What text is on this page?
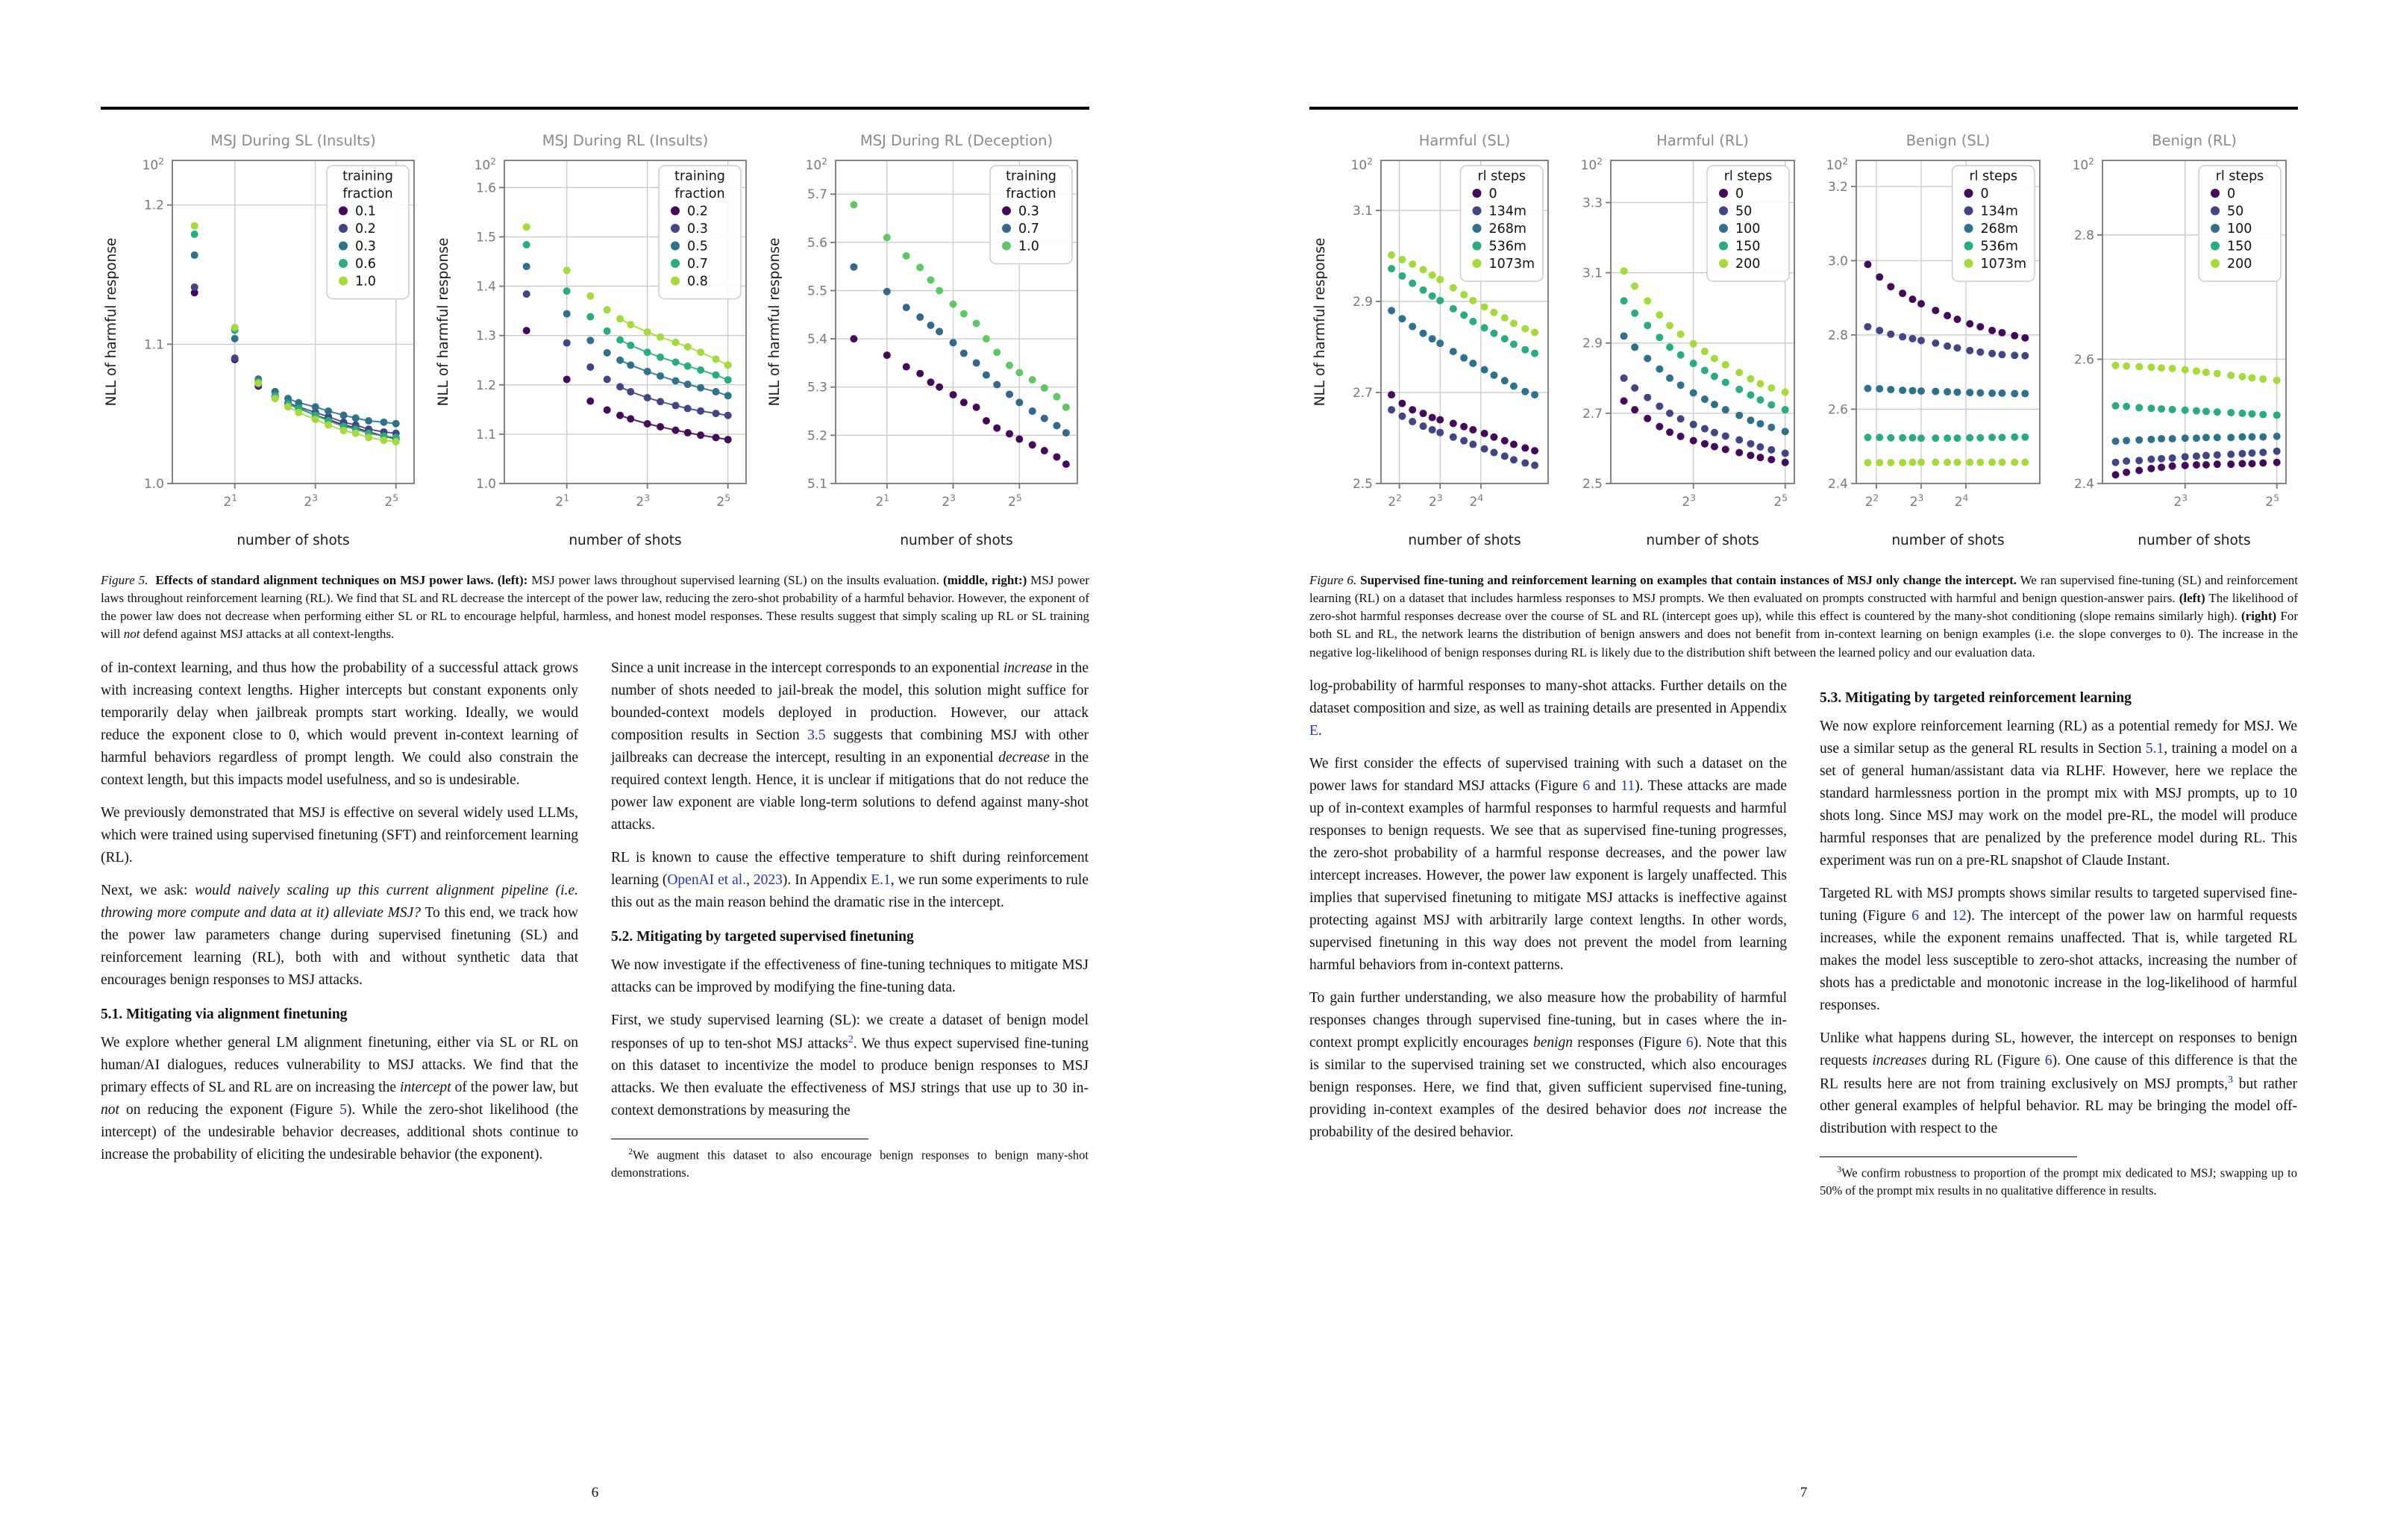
1.2
1.1
1.0
$10^2$
$2^1$	$2^3$	$2^5$
MSJ During SL (Insults)
number of shots
NLL of harmful response
training
fraction
0.1
0.2
0.3
0.6
1.0
1.6
1.5
1.4
1.3
1.2
1.1
1.0
$10^2$
$2^1$	$2^3$	$2^5$
MSJ During RL (Insults)
number of shots
NLL of harmful response
training
fraction
0.2
0.3
0.5
0.7
0.8
5.7
5.6
5.5
5.4
5.3
5.2
5.1
$10^2$
$2^1$	$2^3$	$2^5$
MSJ During RL (Deception)
number of shots
NLL of harmful response
training
fraction
0.3
0.7
1.0

Figure 5. Effects of standard alignment techniques on MSJ power laws. (left): MSJ power laws throughout supervised learning (SL) on the insults evaluation. (middle, right:) MSJ power laws throughout reinforcement learning (RL). We find that SL and RL decrease the intercept of the power law, reducing the zero-shot probability of a harmful behavior. However, the exponent of the power law does not decrease when performing either SL or RL to encourage helpful, harmless, and honest model responses. These results suggest that simply scaling up RL or SL training will not defend against MSJ attacks at all context-lengths.

of in-context learning, and thus how the probability of a successful attack grows with increasing context lengths. Higher intercepts but constant exponents only temporarily delay when jailbreak prompts start working. Ideally, we would reduce the exponent close to 0, which would prevent in-context learning of harmful behaviors regardless of prompt length. We could also constrain the context length, but this impacts model usefulness, and so is undesirable.

We previously demonstrated that MSJ is effective on several widely used LLMs, which were trained using supervised finetuning (SFT) and reinforcement learning (RL).

Next, we ask: would naively scaling up this current alignment pipeline (i.e. throwing more compute and data at it) alleviate MSJ? To this end, we track how the power law parameters change during supervised finetuning (SL) and reinforcement learning (RL), both with and without synthetic data that encourages benign responses to MSJ attacks.

5.1. Mitigating via alignment finetuning

We explore whether general LM alignment finetuning, either via SL or RL on human/AI dialogues, reduces vulnerability to MSJ attacks. We find that the primary effects of SL and RL are on increasing the intercept of the power law, but not on reducing the exponent (Figure 5). While the zero-shot likelihood (the intercept) of the undesirable behavior decreases, additional shots continue to increase the probability of eliciting the undesirable behavior (the exponent).

Since a unit increase in the intercept corresponds to an exponential increase in the number of shots needed to jail-break the model, this solution might suffice for bounded-context models deployed in production. However, our attack composition results in Section 3.5 suggests that combining MSJ with other jailbreaks can decrease the intercept, resulting in an exponential decrease in the required context length. Hence, it is unclear if mitigations that do not reduce the power law exponent are viable long-term solutions to defend against many-shot attacks.

RL is known to cause the effective temperature to shift during reinforcement learning (OpenAI et al., 2023). In Appendix E.1, we run some experiments to rule this out as the main reason behind the dramatic rise in the intercept.

5.2. Mitigating by targeted supervised finetuning

We now investigate if the effectiveness of fine-tuning techniques to mitigate MSJ attacks can be improved by modifying the fine-tuning data.

First, we study supervised learning (SL): we create a dataset of benign model responses of up to ten-shot MSJ attacks$^2$. We thus expect supervised fine-tuning on this dataset to incentivize the model to produce benign responses to MSJ attacks. We then evaluate the effectiveness of MSJ strings that use up to 30 in-context demonstrations by measuring the

$^2$We augment this dataset to also encourage benign responses to benign many-shot demonstrations.

6
3.1
2.9
2.7
2.5
$10^2$
$2^2$ $2^3$ $2^4$
Harmful (SL)
number of shots
NLL of harmful response
rl steps
0
134m
268m
536m
1073m
3.3
3.1
2.9
2.7
2.5
$10^2$
$2^3$	$2^5$
Harmful (RL)
number of shots
rl steps
0
50
100
150
200
3.2
3.0
2.8
2.6
2.4
$10^2$
$2^2$ $2^3$ $2^4$
Benign (SL)
number of shots
rl steps
0
134m
268m
536m
1073m
2.8
2.6
2.4
$10^2$
$2^3$	$2^5$
Benign (RL)
number of shots
rl steps
0
50
100
150
200

Figure 6. Supervised fine-tuning and reinforcement learning on examples that contain instances of MSJ only change the intercept. We ran supervised fine-tuning (SL) and reinforcement learning (RL) on a dataset that includes harmless responses to MSJ prompts. We then evaluated on prompts constructed with harmful and benign question-answer pairs. (left) The likelihood of zero-shot harmful responses decrease over the course of SL and RL (intercept goes up), while this effect is countered by the many-shot conditioning (slope remains similarly high). (right) For both SL and RL, the network learns the distribution of benign answers and does not benefit from in-context learning on benign examples (i.e. the slope converges to 0). The increase in the negative log-likelihood of benign responses during RL is likely due to the distribution shift between the learned policy and our evaluation data.

log-probability of harmful responses to many-shot attacks. Further details on the dataset composition and size, as well as training details are presented in Appendix E.

We first consider the effects of supervised training with such a dataset on the power laws for standard MSJ attacks (Figure 6 and 11). These attacks are made up of in-context examples of harmful responses to harmful requests and harmful responses to benign requests. We see that as supervised fine-tuning progresses, the zero-shot probability of a harmful response decreases, and the power law intercept increases. However, the power law exponent is largely unaffected. This implies that supervised finetuning to mitigate MSJ attacks is ineffective against protecting against MSJ with arbitrarily large context lengths. In other words, supervised finetuning in this way does not prevent the model from learning harmful behaviors from in-context patterns.

To gain further understanding, we also measure how the probability of harmful responses changes through supervised fine-tuning, but in cases where the in-context prompt explicitly encourages benign responses (Figure 6). Note that this is similar to the supervised training set we constructed, which also encourages benign responses. Here, we find that, given sufficient supervised fine-tuning, providing in-context examples of the desired behavior does not increase the probability of the desired behavior.

5.3. Mitigating by targeted reinforcement learning

We now explore reinforcement learning (RL) as a potential remedy for MSJ. We use a similar setup as the general RL results in Section 5.1, training a model on a set of general human/assistant data via RLHF. However, here we replace the standard harmlessness portion in the prompt mix with MSJ prompts, up to 10 shots long. Since MSJ may work on the model pre-RL, the model will produce harmful responses that are penalized by the preference model during RL. This experiment was run on a pre-RL snapshot of Claude Instant.

Targeted RL with MSJ prompts shows similar results to targeted supervised fine-tuning (Figure 6 and 12). The intercept of the power law on harmful requests increases, while the exponent remains unaffected. That is, while targeted RL makes the model less susceptible to zero-shot attacks, increasing the number of shots has a predictable and monotonic increase in the log-likelihood of harmful responses.

Unlike what happens during SL, however, the intercept on responses to benign requests increases during RL (Figure 6). One cause of this difference is that the RL results here are not from training exclusively on MSJ prompts,$^3$ but rather other general examples of helpful behavior. RL may be bringing the model off-distribution with respect to the

$^3$We confirm robustness to proportion of the prompt mix dedicated to MSJ; swapping up to 50% of the prompt mix results in no qualitative difference in results.

7
